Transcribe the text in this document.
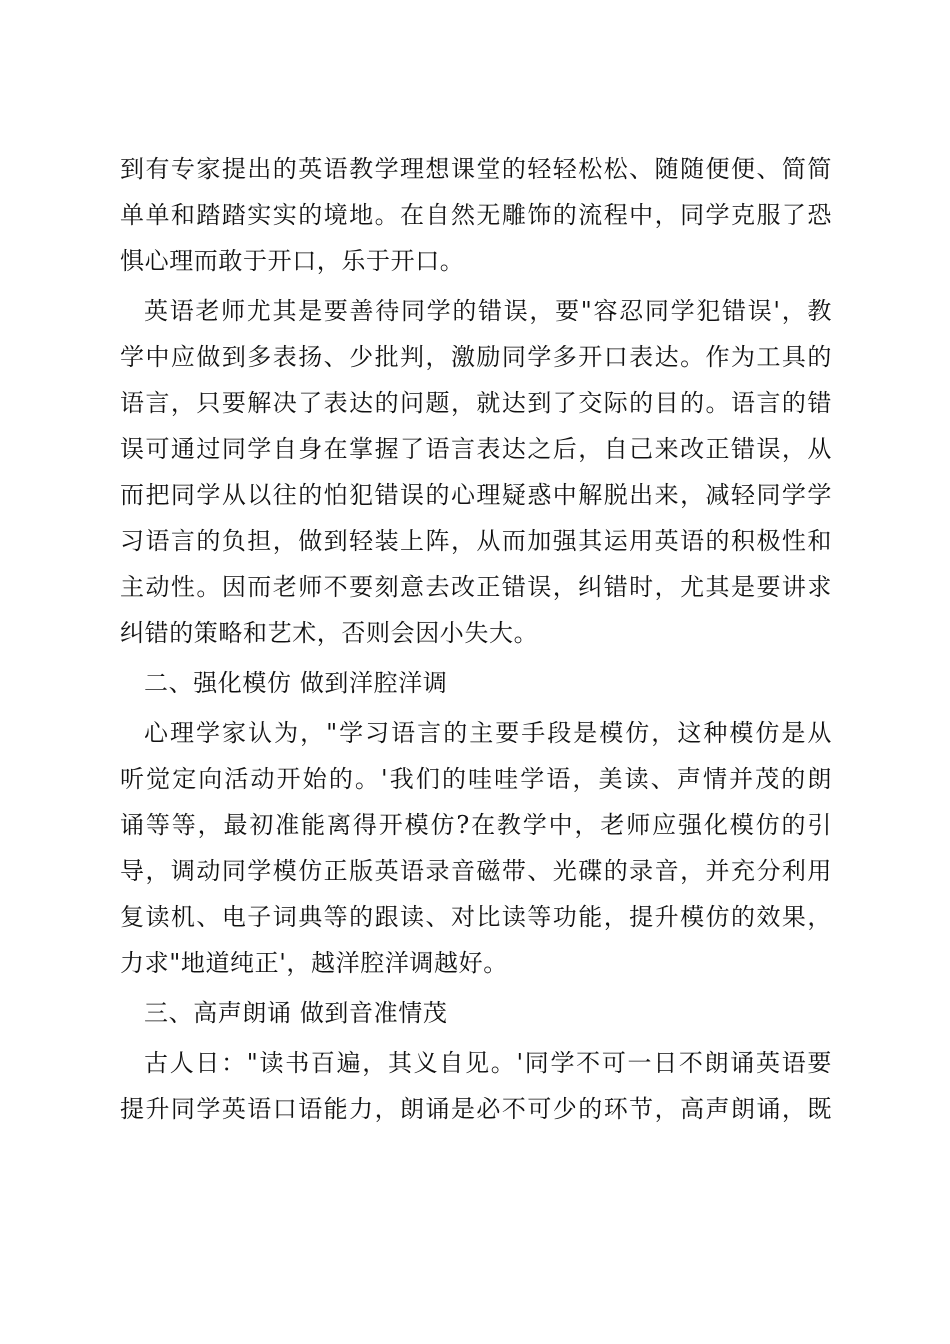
到有专家提出的英语教学理想课堂的轻轻松松、随随便便、简简
单单和踏踏实实的境地。在自然无雕饰的流程中，同学克服了恐
惧心理而敢于开口，乐于开口。
英语老师尤其是要善待同学的错误，要"容忍同学犯错误'，教
学中应做到多表扬、少批判，激励同学多开口表达。作为工具的
语言，只要解决了表达的问题，就达到了交际的目的。语言的错
误可通过同学自身在掌握了语言表达之后，自己来改正错误，从
而把同学从以往的怕犯错误的心理疑惑中解脱出来，减轻同学学
习语言的负担，做到轻装上阵，从而加强其运用英语的积极性和
主动性。因而老师不要刻意去改正错误，纠错时，尤其是要讲求
纠错的策略和艺术，否则会因小失大。
二、强化模仿 做到洋腔洋调
心理学家认为，"学习语言的主要手段是模仿，这种模仿是从
听觉定向活动开始的。'我们的哇哇学语，美读、声情并茂的朗
诵等等，最初准能离得开模仿?在教学中，老师应强化模仿的引
导，调动同学模仿正版英语录音磁带、光碟的录音，并充分利用
复读机、电子词典等的跟读、对比读等功能，提升模仿的效果，
力求"地道纯正'，越洋腔洋调越好。
三、高声朗诵 做到音准情茂
古人日："读书百遍，其义自见。'同学不可一日不朗诵英语要
提升同学英语口语能力，朗诵是必不可少的环节，高声朗诵，既
